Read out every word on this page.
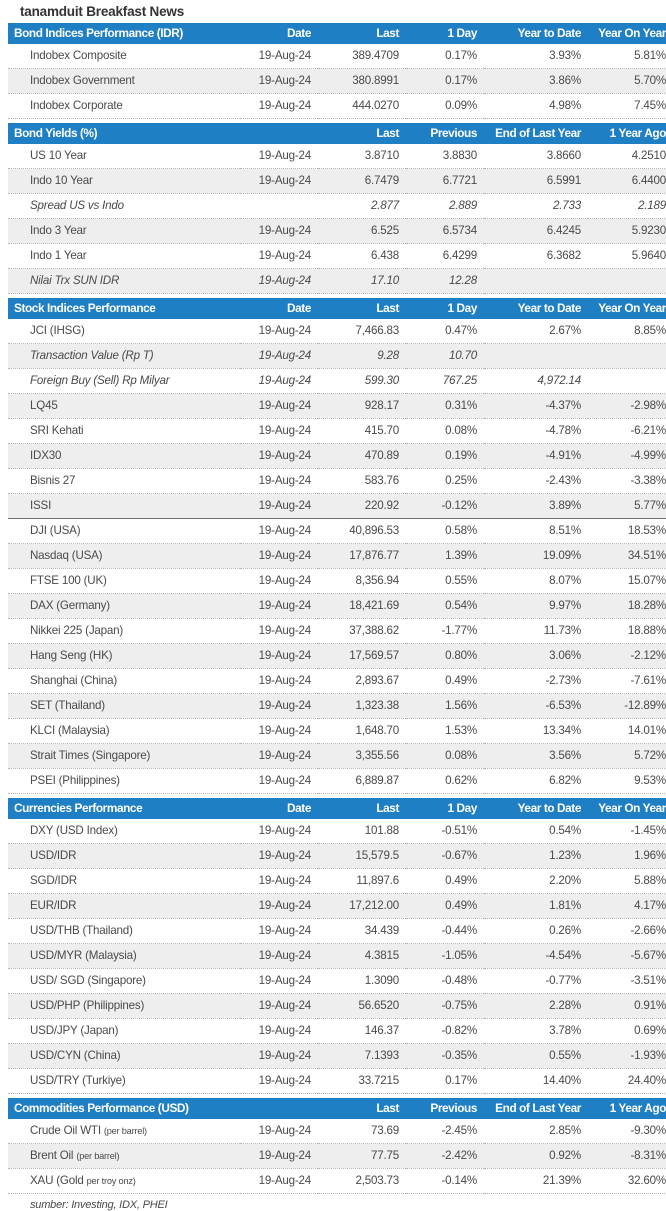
tanamduit Breakfast News
Bond Indices Performance (IDR)	Date	Last	1 Day	Year to Date	Year On Year
Indobex Composite	19-Aug-24	389.4709	0.17%	3.93%	5.81%
Indobex Government	19-Aug-24	380.8991	0.17%	3.86%	5.70%
Indobex Corporate	19-Aug-24	444.0270	0.09%	4.98%	7.45%

Bond Yields (%)		Last	Previous	End of Last Year	1 Year Ago
US 10 Year	19-Aug-24	3.8710	3.8830	3.8660	4.2510
Indo 10 Year	19-Aug-24	6.7479	6.7721	6.5991	6.4400
Spread US vs Indo		2.877	2.889	2.733	2.189
Indo 3 Year	19-Aug-24	6.525	6.5734	6.4245	5.9230
Indo 1 Year	19-Aug-24	6.438	6.4299	6.3682	5.9640
Nilai Trx SUN IDR	19-Aug-24	17.10	12.28		

Stock Indices Performance	Date	Last	1 Day	Year to Date	Year On Year
JCI (IHSG)	19-Aug-24	7,466.83	0.47%	2.67%	8.85%
Transaction Value (Rp T)	19-Aug-24	9.28	10.70		
Foreign Buy (Sell) Rp Milyar	19-Aug-24	599.30	767.25	4,972.14	
LQ45	19-Aug-24	928.17	0.31%	-4.37%	-2.98%
SRI Kehati	19-Aug-24	415.70	0.08%	-4.78%	-6.21%
IDX30	19-Aug-24	470.89	0.19%	-4.91%	-4.99%
Bisnis 27	19-Aug-24	583.76	0.25%	-2.43%	-3.38%
ISSI	19-Aug-24	220.92	-0.12%	3.89%	5.77%
DJI (USA)	19-Aug-24	40,896.53	0.58%	8.51%	18.53%
Nasdaq (USA)	19-Aug-24	17,876.77	1.39%	19.09%	34.51%
FTSE 100 (UK)	19-Aug-24	8,356.94	0.55%	8.07%	15.07%
DAX (Germany)	19-Aug-24	18,421.69	0.54%	9.97%	18.28%
Nikkei 225 (Japan)	19-Aug-24	37,388.62	-1.77%	11.73%	18.88%
Hang Seng (HK)	19-Aug-24	17,569.57	0.80%	3.06%	-2.12%
Shanghai (China)	19-Aug-24	2,893.67	0.49%	-2.73%	-7.61%
SET (Thailand)	19-Aug-24	1,323.38	1.56%	-6.53%	-12.89%
KLCI (Malaysia)	19-Aug-24	1,648.70	1.53%	13.34%	14.01%
Strait Times (Singapore)	19-Aug-24	3,355.56	0.08%	3.56%	5.72%
PSEI (Philippines)	19-Aug-24	6,889.87	0.62%	6.82%	9.53%

Currencies Performance	Date	Last	1 Day	Year to Date	Year On Year
DXY (USD Index)	19-Aug-24	101.88	-0.51%	0.54%	-1.45%
USD/IDR	19-Aug-24	15,579.5	-0.67%	1.23%	1.96%
SGD/IDR	19-Aug-24	11,897.6	0.49%	2.20%	5.88%
EUR/IDR	19-Aug-24	17,212.00	0.49%	1.81%	4.17%
USD/THB (Thailand)	19-Aug-24	34.439	-0.44%	0.26%	-2.66%
USD/MYR (Malaysia)	19-Aug-24	4.3815	-1.05%	-4.54%	-5.67%
USD/ SGD (Singapore)	19-Aug-24	1.3090	-0.48%	-0.77%	-3.51%
USD/PHP (Philippines)	19-Aug-24	56.6520	-0.75%	2.28%	0.91%
USD/JPY (Japan)	19-Aug-24	146.37	-0.82%	3.78%	0.69%
USD/CYN (China)	19-Aug-24	7.1393	-0.35%	0.55%	-1.93%
USD/TRY (Turkiye)	19-Aug-24	33.7215	0.17%	14.40%	24.40%

Commodities Performance (USD)		Last	Previous	End of Last Year	1 Year Ago
Crude Oil WTI (per barrel)	19-Aug-24	73.69	-2.45%	2.85%	-9.30%
Brent Oil (per barrel)	19-Aug-24	77.75	-2.42%	0.92%	-8.31%
XAU (Gold per troy onz)	19-Aug-24	2,503.73	-0.14%	21.39%	32.60%
sumber: Investing, IDX, PHEI
